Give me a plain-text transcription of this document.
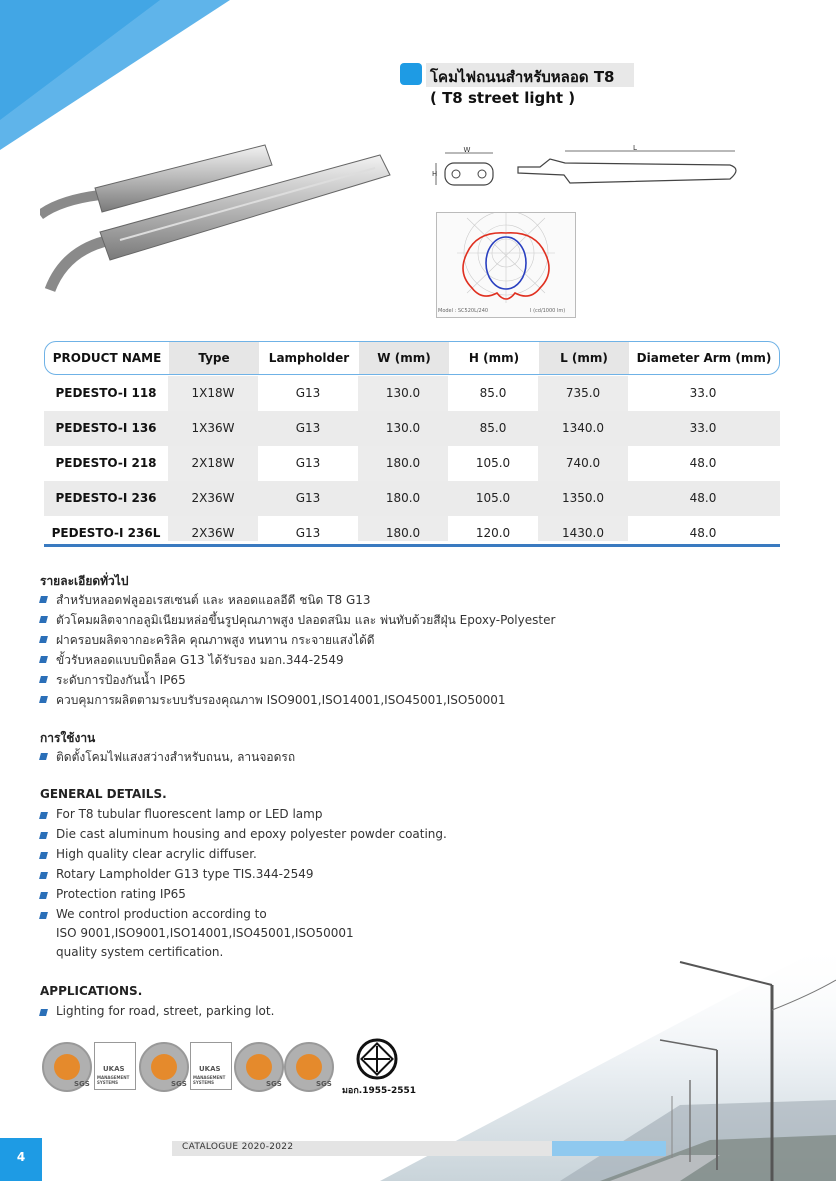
โคมไฟถนนสำหรับหลอด T8
( T8 street light )
W
H
L
Model : SC520L/240	I (cd/1000 lm)
PRODUCT NAME	Type	Lampholder	W (mm)	H (mm)	L (mm)	Diameter Arm (mm)
PEDESTO-I 118	1X18W	G13	130.0	85.0	735.0	33.0
PEDESTO-I 136	1X36W	G13	130.0	85.0	1340.0	33.0
PEDESTO-I 218	2X18W	G13	180.0	105.0	740.0	48.0
PEDESTO-I 236	2X36W	G13	180.0	105.0	1350.0	48.0
PEDESTO-I 236L	2X36W	G13	180.0	120.0	1430.0	48.0
รายละเอียดทั่วไป
สำหรับหลอดฟลูออเรสเซนต์ และ หลอดแอลอีดี ชนิด T8 G13
ตัวโคมผลิตจากอลูมิเนียมหล่อขึ้นรูปคุณภาพสูง ปลอดสนิม และ พ่นทับด้วยสีฝุ่น Epoxy-Polyester
ฝาครอบผลิตจากอะคริลิค คุณภาพสูง ทนทาน กระจายแสงได้ดี
ขั้วรับหลอดแบบบิดล็อค G13 ได้รับรอง มอก.344-2549
ระดับการป้องกันน้ำ IP65
ควบคุมการผลิตตามระบบรับรองคุณภาพ ISO9001,ISO14001,ISO45001,ISO50001
การใช้งาน
ติดตั้งโคมไฟแสงสว่างสำหรับถนน, ลานจอดรถ
GENERAL DETAILS.
For T8 tubular fluorescent lamp or LED lamp
Die cast aluminum housing and epoxy polyester powder coating.
High quality clear acrylic diffuser.
Rotary Lampholder G13 type TIS.344-2549
Protection rating IP65
We control production according to
ISO 9001,ISO9001,ISO14001,ISO45001,ISO50001
quality system certification.
APPLICATIONS.
Lighting for road, street, parking lot.
SGS
UKAS
MANAGEMENT SYSTEMS	SGS
UKAS
MANAGEMENT SYSTEMS	SGS	SGS
มอก.1955-2551
4
CATALOGUE 2020-2022
